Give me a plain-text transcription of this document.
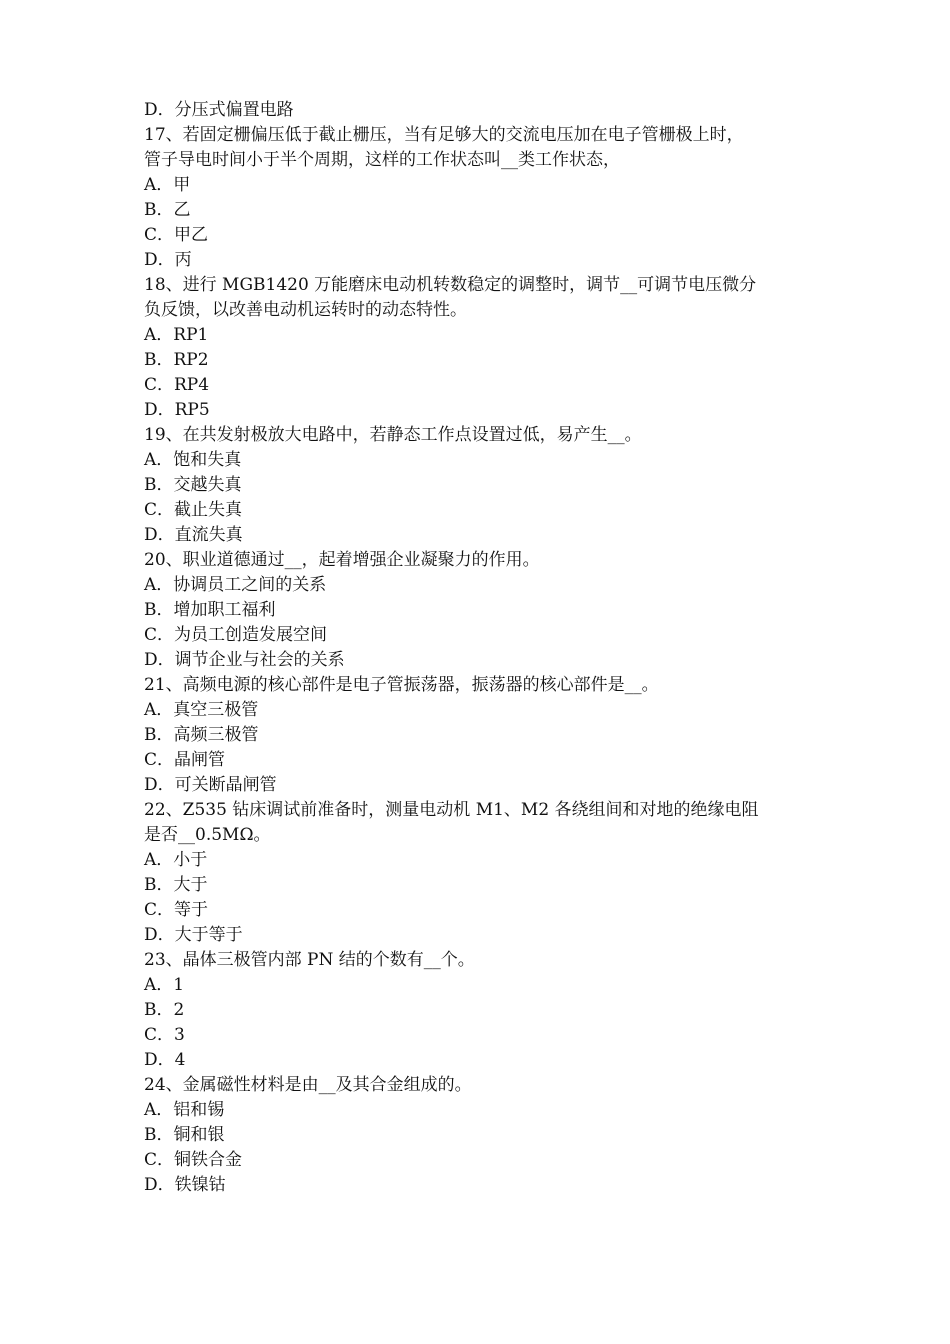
D．分压式偏置电路
17、若固定栅偏压低于截止栅压，当有足够大的交流电压加在电子管栅极上时，
管子导电时间小于半个周期，这样的工作状态叫__类工作状态，
A．甲
B．乙
C．甲乙
D．丙
18、进行 MGB1420 万能磨床电动机转数稳定的调整时，调节__可调节电压微分
负反馈，以改善电动机运转时的动态特性。
A．RP1
B．RP2
C．RP4
D．RP5
19、在共发射极放大电路中，若静态工作点设置过低，易产生__。
A．饱和失真
B．交越失真
C．截止失真
D．直流失真
20、职业道德通过__，起着增强企业凝聚力的作用。
A．协调员工之间的关系
B．增加职工福利
C．为员工创造发展空间
D．调节企业与社会的关系
21、高频电源的核心部件是电子管振荡器，振荡器的核心部件是__。
A．真空三极管
B．高频三极管
C．晶闸管
D．可关断晶闸管
22、Z535 钻床调试前准备时，测量电动机 M1、M2 各绕组间和对地的绝缘电阻
是否__0.5MΩ。
A．小于
B．大于
C．等于
D．大于等于
23、晶体三极管内部 PN 结的个数有__个。
A．1
B．2
C．3
D．4
24、金属磁性材料是由__及其合金组成的。
A．铝和锡
B．铜和银
C．铜铁合金
D．铁镍钴
